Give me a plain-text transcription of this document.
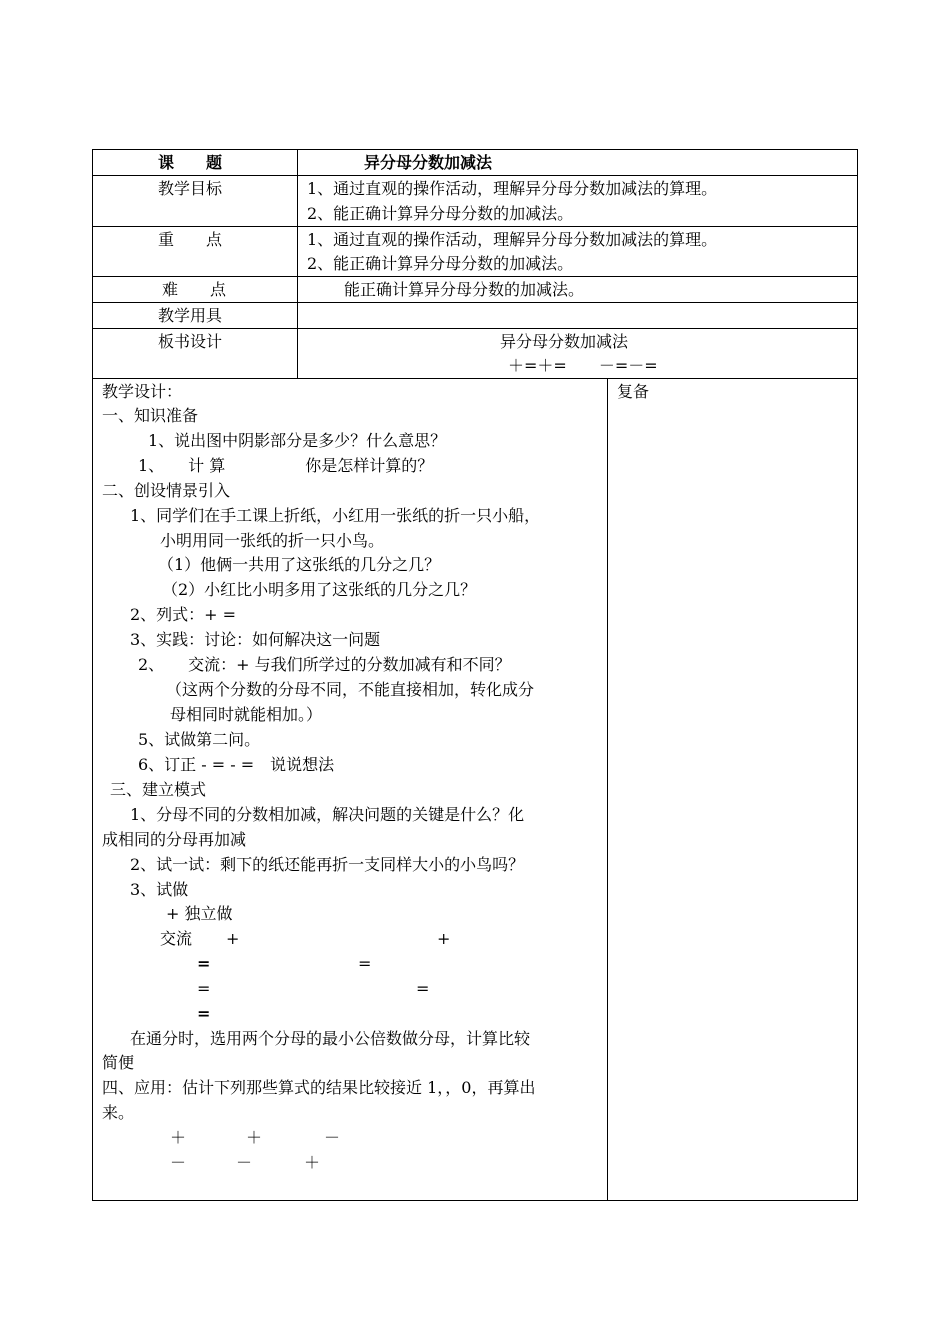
课　　题	异分母分数加减法
教学目标	1、通过直观的操作活动，理解异分母分数加减法的算理。
2、能正确计算异分母分数的加减法。
重　　点	1、通过直观的操作活动，理解异分母分数加减法的算理。
2、能正确计算异分母分数的加减法。
难　　点	能正确计算异分母分数的加减法。
教学用具
板书设计	异分母分数加减法
＋=＋=　　－=－=
复备
教学设计：
一、知识准备
1、说出图中阴影部分是多少？什么意思？
1、　　计 算　　　　　你是怎样计算的？
二、创设情景引入
1、同学们在手工课上折纸，小红用一张纸的折一只小船，
小明用同一张纸的折一只小鸟。
（1）他俩一共用了这张纸的几分之几？
（2）小红比小明多用了这张纸的几分之几？
2、列式：+ =
3、实践：讨论：如何解决这一问题
2、　　交流：+ 与我们所学过的分数加减有和不同？
（这两个分数的分母不同，不能直接相加，转化成分
母相同时就能相加。）
5、试做第二问。
6、订正 - = - =　说说想法
三、建立模式
1、分母不同的分数相加减，解决问题的关键是什么？化
成相同的分母再加减
2、试一试：剩下的纸还能再折一支同样大小的小鸟吗？
3、试做
+ 独立做
交流 +	+
=	=
=	=
=
在通分时，选用两个分母的最小公倍数做分母，计算比较
简便
四、应用：估计下列那些算式的结果比较接近 1，，0，再算出
来。
＋	＋	－
－	－	＋
